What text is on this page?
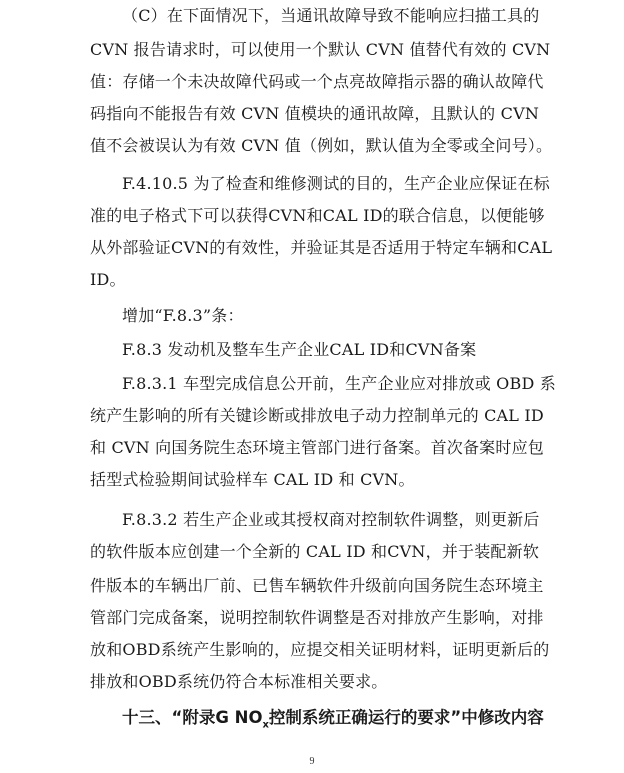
（C）在下面情况下，当通讯故障导致不能响应扫描工具的
CVN 报告请求时，可以使用一个默认 CVN 值替代有效的 CVN
值：存储一个未决故障代码或一个点亮故障指示器的确认故障代
码指向不能报告有效 CVN 值模块的通讯故障，且默认的 CVN
值不会被误认为有效 CVN 值（例如，默认值为全零或全问号）。
F.4.10.5 为了检查和维修测试的目的，生产企业应保证在标
准的电子格式下可以获得CVN和CAL ID的联合信息，以便能够
从外部验证CVN的有效性，并验证其是否适用于特定车辆和CAL
ID。
增加“F.8.3”条：
F.8.3 发动机及整车生产企业CAL ID和CVN备案
F.8.3.1 车型完成信息公开前，生产企业应对排放或 OBD 系
统产生影响的所有关键诊断或排放电子动力控制单元的 CAL ID
和 CVN 向国务院生态环境主管部门进行备案。首次备案时应包
括型式检验期间试验样车 CAL ID 和 CVN。
F.8.3.2 若生产企业或其授权商对控制软件调整，则更新后
的软件版本应创建一个全新的 CAL ID 和CVN，并于装配新软
件版本的车辆出厂前、已售车辆软件升级前向国务院生态环境主
管部门完成备案，说明控制软件调整是否对排放产生影响，对排
放和OBD系统产生影响的，应提交相关证明材料，证明更新后的
排放和OBD系统仍符合本标准相关要求。
十三、“附录G $NO_x$控制系统正确运行的要求”中修改内容
9
